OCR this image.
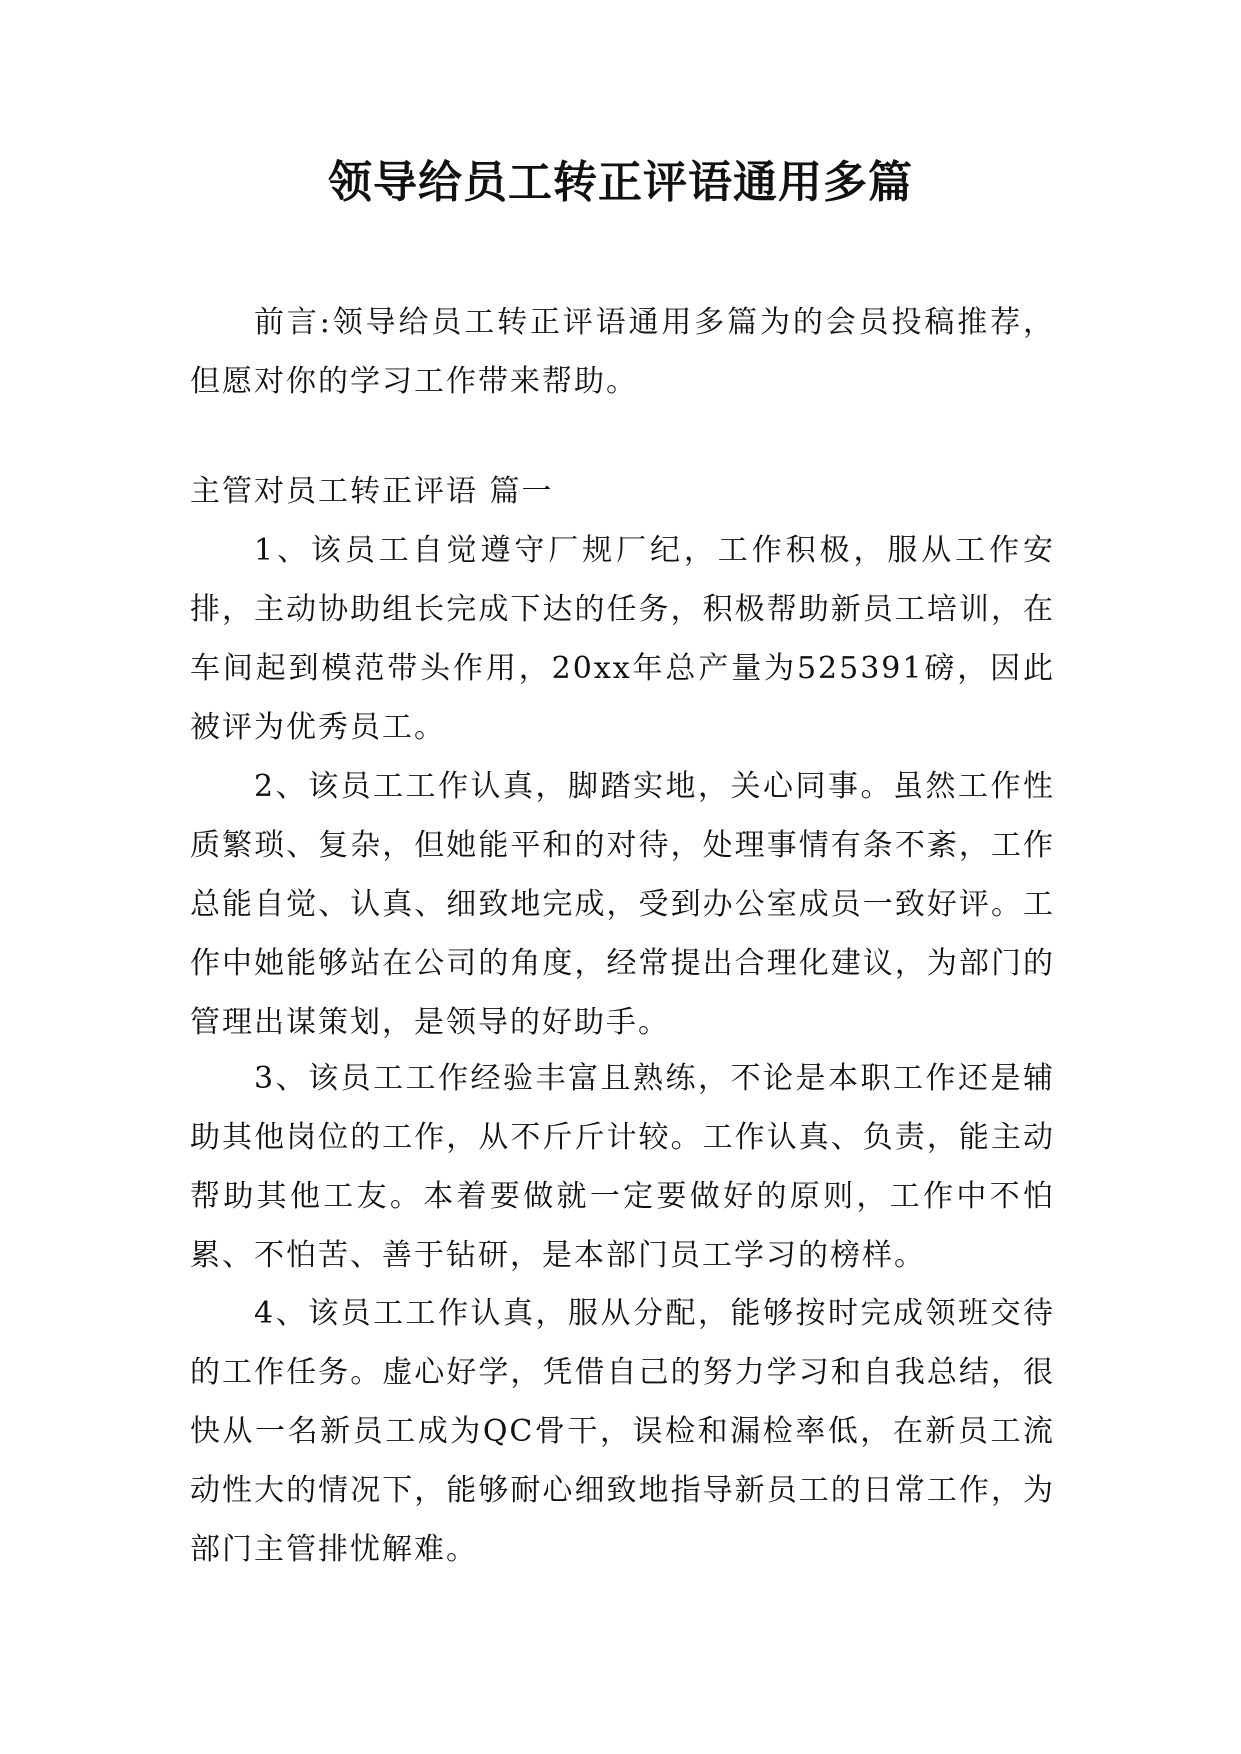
领导给员工转正评语通用多篇

前言:领导给员工转正评语通用多篇为的会员投稿推荐，但愿对你的学习工作带来帮助。

主管对员工转正评语 篇一

1、该员工自觉遵守厂规厂纪，工作积极，服从工作安排，主动协助组长完成下达的任务，积极帮助新员工培训，在车间起到模范带头作用，20xx年总产量为525391磅，因此被评为优秀员工。

2、该员工工作认真，脚踏实地，关心同事。虽然工作性质繁琐、复杂，但她能平和的对待，处理事情有条不紊，工作总能自觉、认真、细致地完成，受到办公室成员一致好评。工作中她能够站在公司的角度，经常提出合理化建议，为部门的管理出谋策划，是领导的好助手。

3、该员工工作经验丰富且熟练，不论是本职工作还是辅助其他岗位的工作，从不斤斤计较。工作认真、负责，能主动帮助其他工友。本着要做就一定要做好的原则，工作中不怕累、不怕苦、善于钻研，是本部门员工学习的榜样。

4、该员工工作认真，服从分配，能够按时完成领班交待的工作任务。虚心好学，凭借自己的努力学习和自我总结，很快从一名新员工成为QC骨干，误检和漏检率低，在新员工流动性大的情况下，能够耐心细致地指导新员工的日常工作，为部门主管排忧解难。
